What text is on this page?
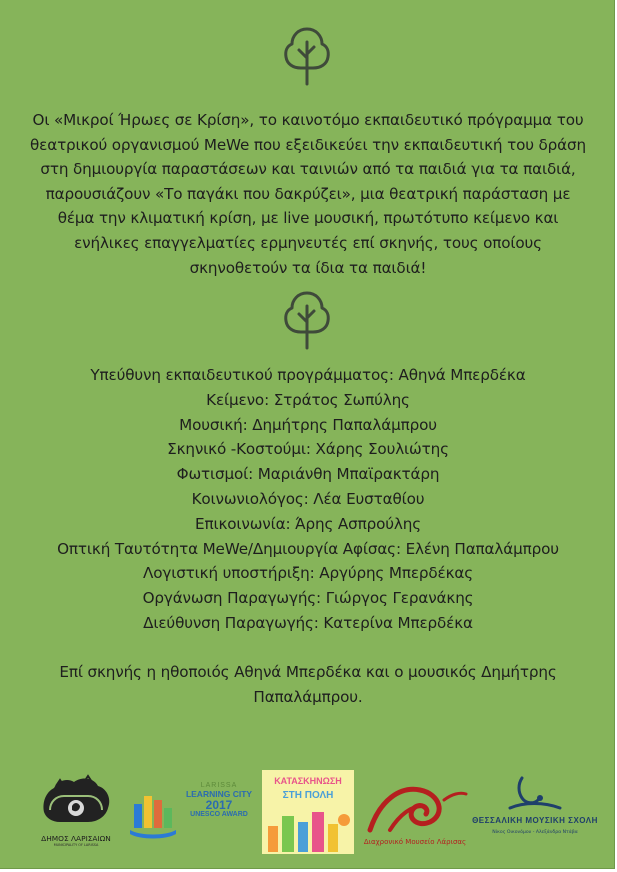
Οι «Μικροί Ήρωες σε Κρίση», το καινοτόμο εκπαιδευτικό πρόγραμμα του θεατρικού οργανισμού MeWe που εξειδικεύει την εκπαιδευτική του δράση στη δημιουργία παραστάσεων και ταινιών από τα παιδιά για τα παιδιά, παρουσιάζουν «Το παγάκι που δακρύζει», μια θεατρική παράσταση με θέμα την κλιματική κρίση, με live μουσική, πρωτότυπο κείμενο και ενήλικες επαγγελματίες ερμηνευτές επί σκηνής, τους οποίους σκηνοθετούν τα ίδια τα παιδιά!
Υπεύθυνη εκπαιδευτικού προγράμματος: Αθηνά Μπερδέκα
Κείμενο: Στράτος Σωπύλης
Μουσική: Δημήτρης Παπαλάμπρου
Σκηνικό -Κοστούμι: Χάρης Σουλιώτης
Φωτισμοί: Μαριάνθη Μπαϊρακτάρη
Κοινωνιολόγος: Λέα Ευσταθίου
Επικοινωνία: Άρης Ασπρούλης
Οπτική Ταυτότητα MeWe/Δημιουργία Αφίσας: Ελένη Παπαλάμπρου
Λογιστική υποστήριξη: Αργύρης Μπερδέκας
Οργάνωση Παραγωγής: Γιώργος Γερανάκης
Διεύθυνση Παραγωγής: Κατερίνα Μπερδέκα
Επί σκηνής η ηθοποιός Αθηνά Μπερδέκα και ο μουσικός Δημήτρης Παπαλάμπρου.
ΔΗΜΟΣ ΛΑΡΙΣΑΙΩΝ
MUNICIPALITY OF LARISSA
LARISSA
LEARNING CITY
2017
UNESCO AWARD
ΚΑΤΑΣΚΗΝΩΣΗ
ΣΤΗ ΠΟΛΗ
Διαχρονικό Μουσείο Λάρισας
ΘΕΣΣΑΛΙΚΗ ΜΟΥΣΙΚΗ ΣΧΟΛΗ
Νίκος Οικονόμου - Αλεξάνδρα Ντάβα
